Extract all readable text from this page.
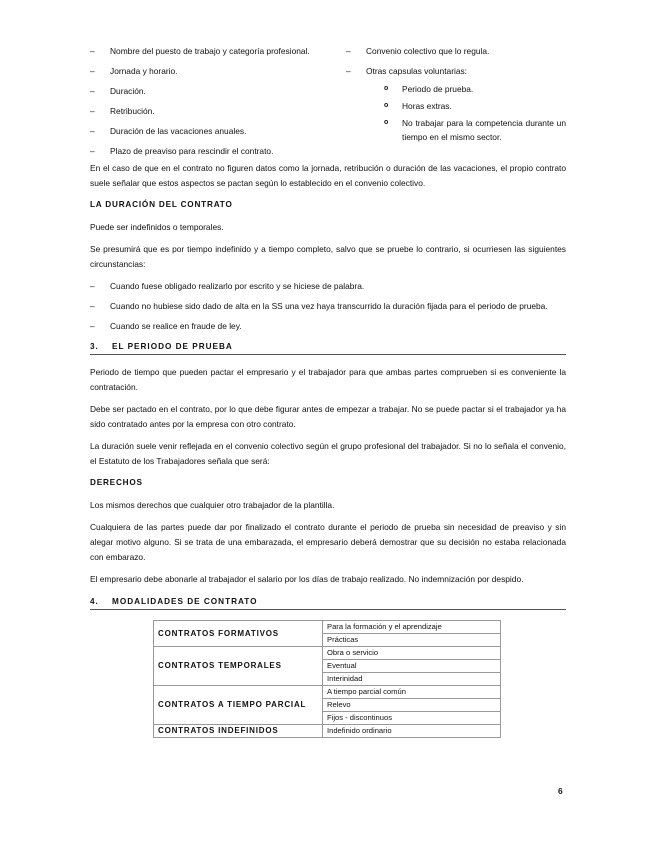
–	Nombre del puesto de trabajo y categoría profesional.
–	Jornada y horario.
–	Duración.
–	Retribución.
–	Duración de las vacaciones anuales.
–	Plazo de preaviso para rescindir el contrato.
–	Convenio colectivo que lo regula.
–	Otras capsulas voluntarias:
o	Periodo de prueba.
o	Horas extras.
o	No trabajar para la competencia durante un tiempo en el mismo sector.

En el caso de que en el contrato no figuren datos como la jornada, retribución o duración de las vacaciones, el propio contrato suele señalar que estos aspectos se pactan según lo establecido en el convenio colectivo.

LA DURACIÓN DEL CONTRATO

Puede ser indefinidos o temporales.

Se presumirá que es por tiempo indefinido y a tiempo completo, salvo que se pruebe lo contrario, si ocurriesen las siguientes circunstancias:

–	Cuando fuese obligado realizarlo por escrito y se hiciese de palabra.
–	Cuando no hubiese sido dado de alta en la SS una vez haya transcurrido la duración fijada para el periodo de prueba.
–	Cuando se realice en fraude de ley.
3.	EL PERIODO DE PRUEBA

Periodo de tiempo que pueden pactar el empresario y el trabajador para que ambas partes comprueben si es conveniente la contratación.

Debe ser pactado en el contrato, por lo que debe figurar antes de empezar a trabajar. No se puede pactar si el trabajador ya ha sido contratado antes por la empresa con otro contrato.

La duración suele venir reflejada en el convenio colectivo según el grupo profesional del trabajador. Si no lo señala el convenio, el Estatuto de los Trabajadores señala que será:

DERECHOS

Los mismos derechos que cualquier otro trabajador de la plantilla.

Cualquiera de las partes puede dar por finalizado el contrato durante el periodo de prueba sin necesidad de preaviso y sin alegar motivo alguno. Si se trata de una embarazada, el empresario deberá demostrar que su decisión no estaba relacionada con embarazo.

El empresario debe abonarle al trabajador el salario por los días de trabajo realizado. No indemnización por despido.

4.	MODALIDADES DE CONTRATO
CONTRATOS FORMATIVOS	Para la formación y el aprendizaje
	Prácticas
CONTRATOS TEMPORALES	Obra o servicio
	Eventual
	Interinidad
CONTRATOS A TIEMPO PARCIAL	A tiempo parcial común
	Relevo
	Fijos - discontinuos
CONTRATOS INDEFINIDOS	Indefinido ordinario
6
